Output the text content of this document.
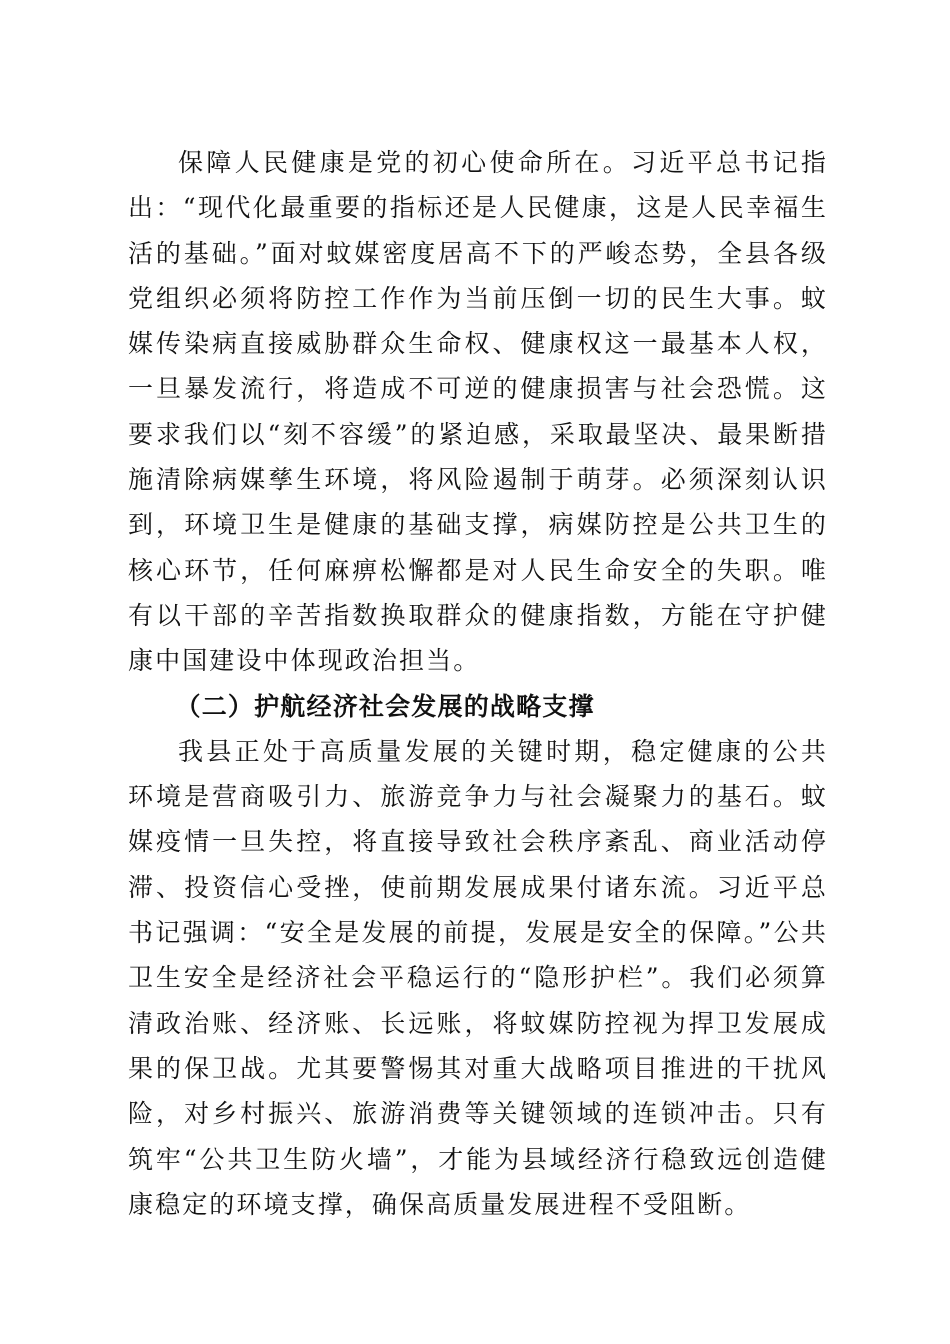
保障人民健康是党的初心使命所在。习近平总书记指出：“现代化最重要的指标还是人民健康，这是人民幸福生活的基础。”面对蚊媒密度居高不下的严峻态势，全县各级党组织必须将防控工作作为当前压倒一切的民生大事。蚊媒传染病直接威胁群众生命权、健康权这一最基本人权，一旦暴发流行，将造成不可逆的健康损害与社会恐慌。这要求我们以“刻不容缓”的紧迫感，采取最坚决、最果断措施清除病媒孳生环境，将风险遏制于萌芽。必须深刻认识到，环境卫生是健康的基础支撑，病媒防控是公共卫生的核心环节，任何麻痹松懈都是对人民生命安全的失职。唯有以干部的辛苦指数换取群众的健康指数，方能在守护健康中国建设中体现政治担当。

（二）护航经济社会发展的战略支撑

我县正处于高质量发展的关键时期，稳定健康的公共环境是营商吸引力、旅游竞争力与社会凝聚力的基石。蚊媒疫情一旦失控，将直接导致社会秩序紊乱、商业活动停滞、投资信心受挫，使前期发展成果付诸东流。习近平总书记强调：“安全是发展的前提，发展是安全的保障。”公共卫生安全是经济社会平稳运行的“隐形护栏”。我们必须算清政治账、经济账、长远账，将蚊媒防控视为捍卫发展成果的保卫战。尤其要警惕其对重大战略项目推进的干扰风险，对乡村振兴、旅游消费等关键领域的连锁冲击。只有筑牢“公共卫生防火墙”，才能为县域经济行稳致远创造健康稳定的环境支撑，确保高质量发展进程不受阻断。
